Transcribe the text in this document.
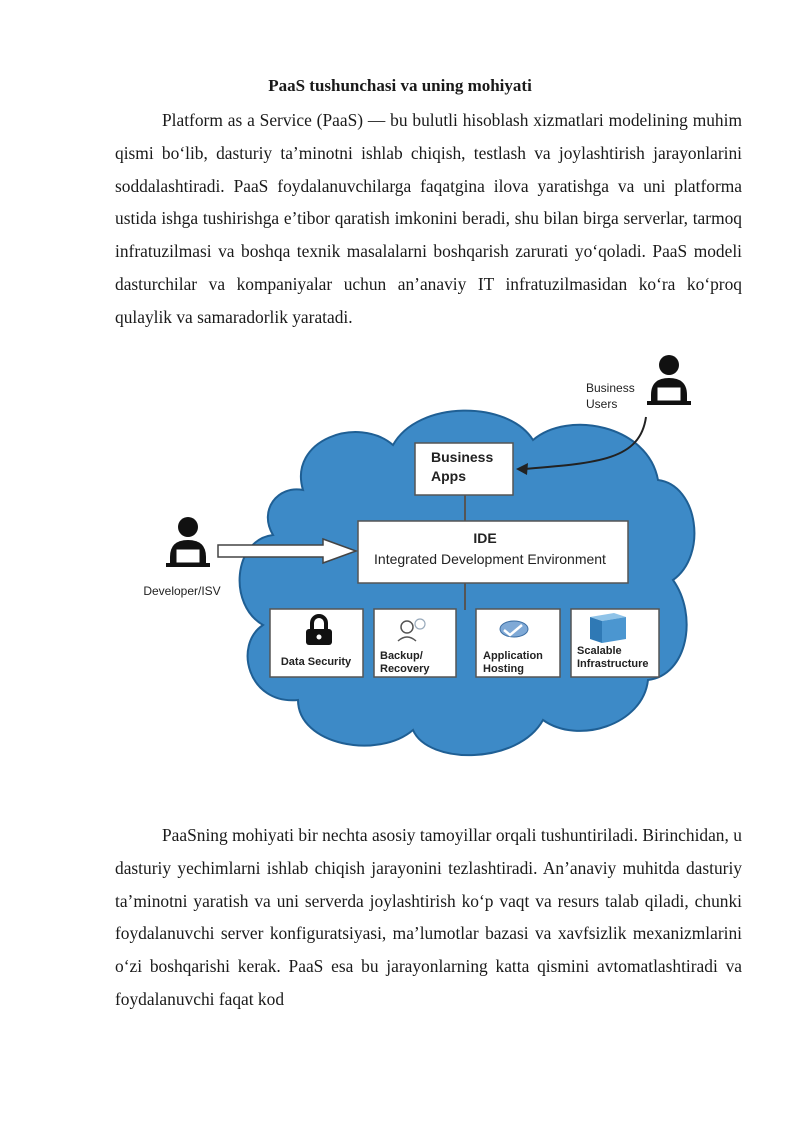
PaaS tushunchasi va uning mohiyati

Platform as a Service (PaaS) — bu bulutli hisoblash xizmatlari modelining muhim qismi bo‘lib, dasturiy ta’minotni ishlab chiqish, testlash va joylashtirish jarayonlarini soddalashtiradi. PaaS foydalanuvchilarga faqatgina ilova yaratishga va uni platforma ustida ishga tushirishga e’tibor qaratish imkonini beradi, shu bilan birga serverlar, tarmoq infratuzilmasi va boshqa texnik masalalarni boshqarish zarurati yo‘qoladi. PaaS modeli dasturchilar va kompaniyalar uchun an’anaviy IT infratuzilmasidan ko‘ra ko‘proq qulaylik va samaradorlik yaratadi.

Business
Apps
IDE
Integrated Development Environment
Data Security	Backup/
Recovery
Application
Hosting
Scalable
Infrastructure
Developer/ISV
Business
Users

PaaSning mohiyati bir nechta asosiy tamoyillar orqali tushuntiriladi. Birinchidan, u dasturiy yechimlarni ishlab chiqish jarayonini tezlashtiradi. An’anaviy muhitda dasturiy ta’minotni yaratish va uni serverda joylashtirish ko‘p vaqt va resurs talab qiladi, chunki foydalanuvchi server konfiguratsiyasi, ma’lumotlar bazasi va xavfsizlik mexanizmlarini o‘zi boshqarishi kerak. PaaS esa bu jarayonlarning katta qismini avtomatlashtiradi va foydalanuvchi faqat kod
